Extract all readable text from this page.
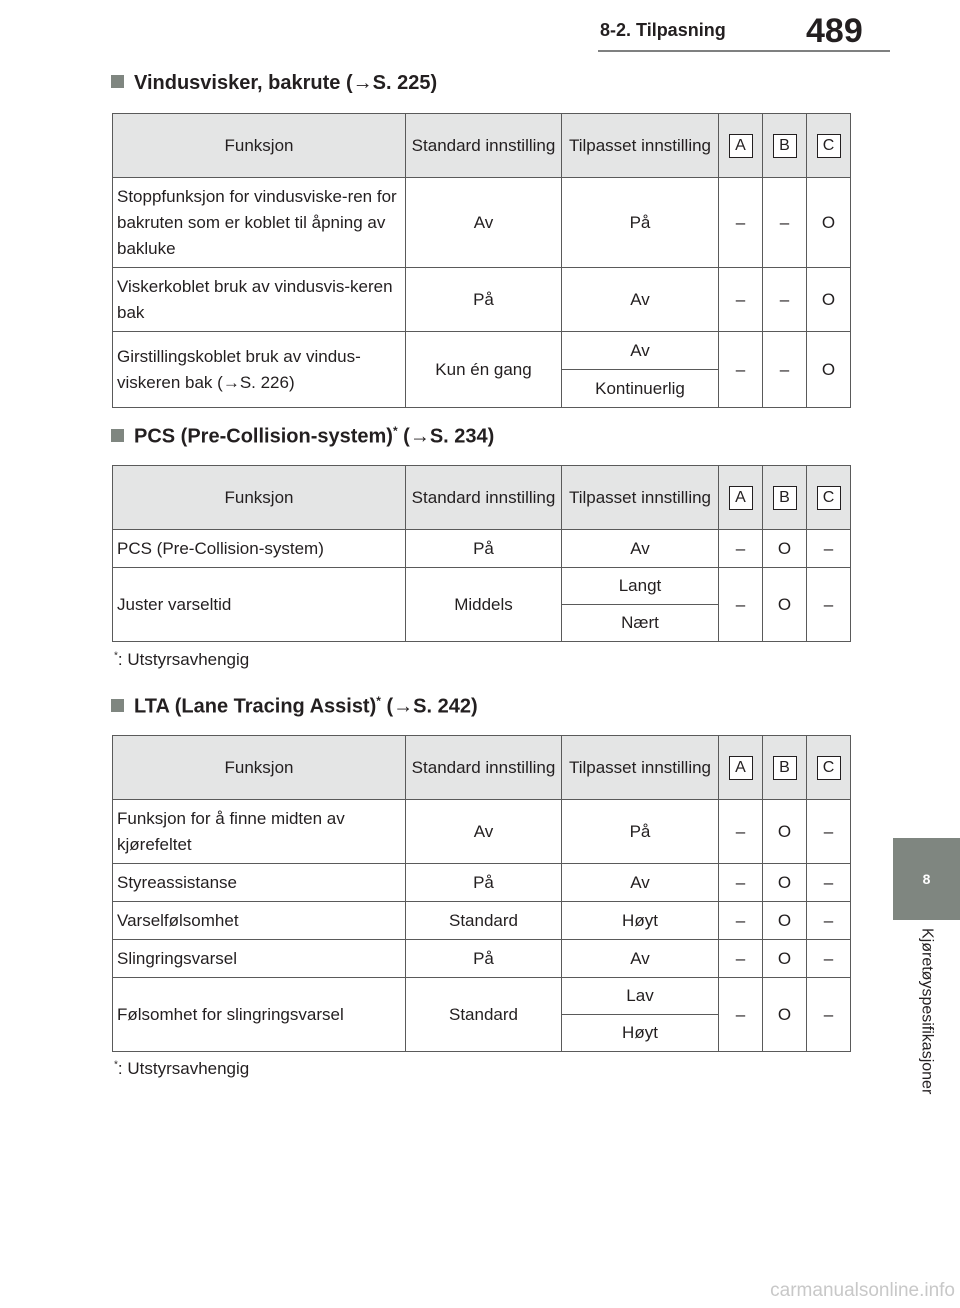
8-2. Tilpasning	489
8
Kjøretøyspesifikasjoner
Vindusvisker, bakrute (→S. 225)
Funksjon	Standard innstilling	Tilpasset innstilling	A	B	C
Stoppfunksjon for vindusviske-ren for bakruten som er koblet til åpning av bakluke	Av	På	–	–	O
Viskerkoblet bruk av vindusvis-keren bak	På	Av	–	–	O
Girstillingskoblet bruk av vindus-viskeren bak (→S. 226)	Kun én gang	Av	–	–	O
		Kontinuerlig			
PCS (Pre-Collision-system)* (→S. 234)
Funksjon	Standard innstilling	Tilpasset innstilling	A	B	C
PCS (Pre-Collision-system)	På	Av	–	O	–
Juster varseltid	Middels	Langt	–	O	–
		Nært			
*: Utstyrsavhengig
LTA (Lane Tracing Assist)* (→S. 242)
Funksjon	Standard innstilling	Tilpasset innstilling	A	B	C
Funksjon for å finne midten av kjørefeltet	Av	På	–	O	–
Styreassistanse	På	Av	–	O	–
Varselfølsomhet	Standard	Høyt	–	O	–
Slingringsvarsel	På	Av	–	O	–
Følsomhet for slingringsvarsel	Standard	Lav	–	O	–
		Høyt			
*: Utstyrsavhengig
carmanualsonline.info
